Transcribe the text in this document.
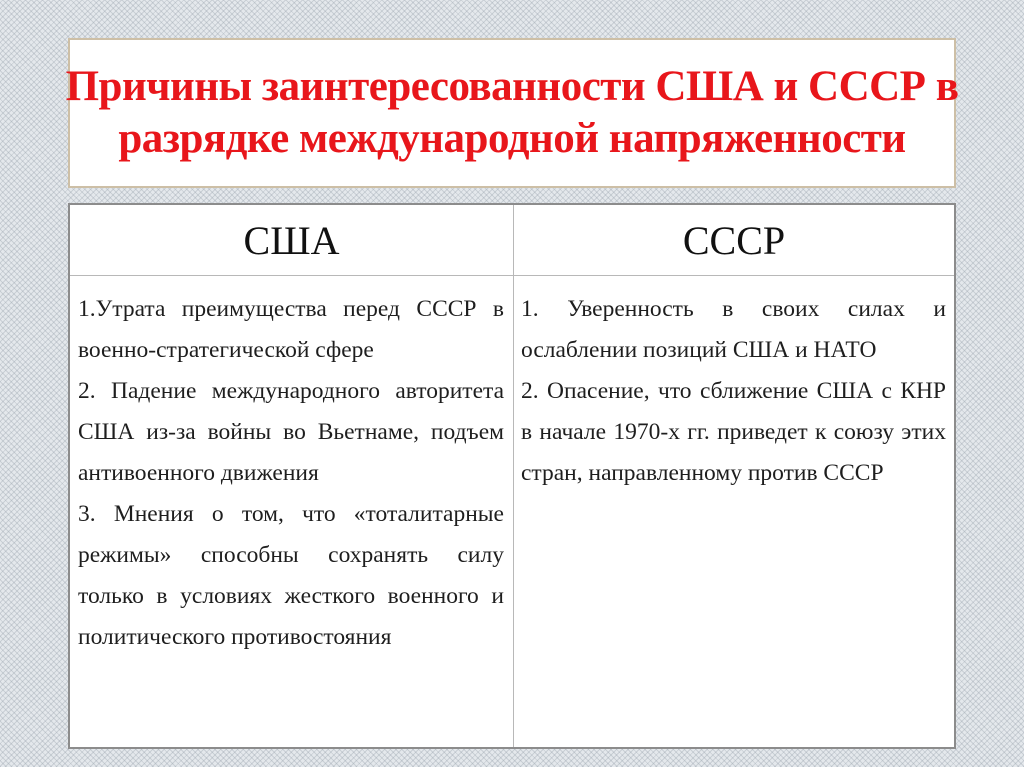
Причины заинтересованности США и СССР в
разрядке международной напряженности
США	СССР

1.Утрата преимущества перед СССР в военно-стратегической сфере

2. Падение международного авторитета США из-за войны во Вьетнаме, подъем антивоенного движения

3. Мнения о том, что «тоталитарные режимы» способны сохранять силу только в условиях жесткого военного и политического противостояния

1. Уверенность в своих силах и ослаблении позиций США и НАТО

2. Опасение, что сближение США с КНР в начале 1970-х гг. приведет к союзу этих стран, направленному против СССР
